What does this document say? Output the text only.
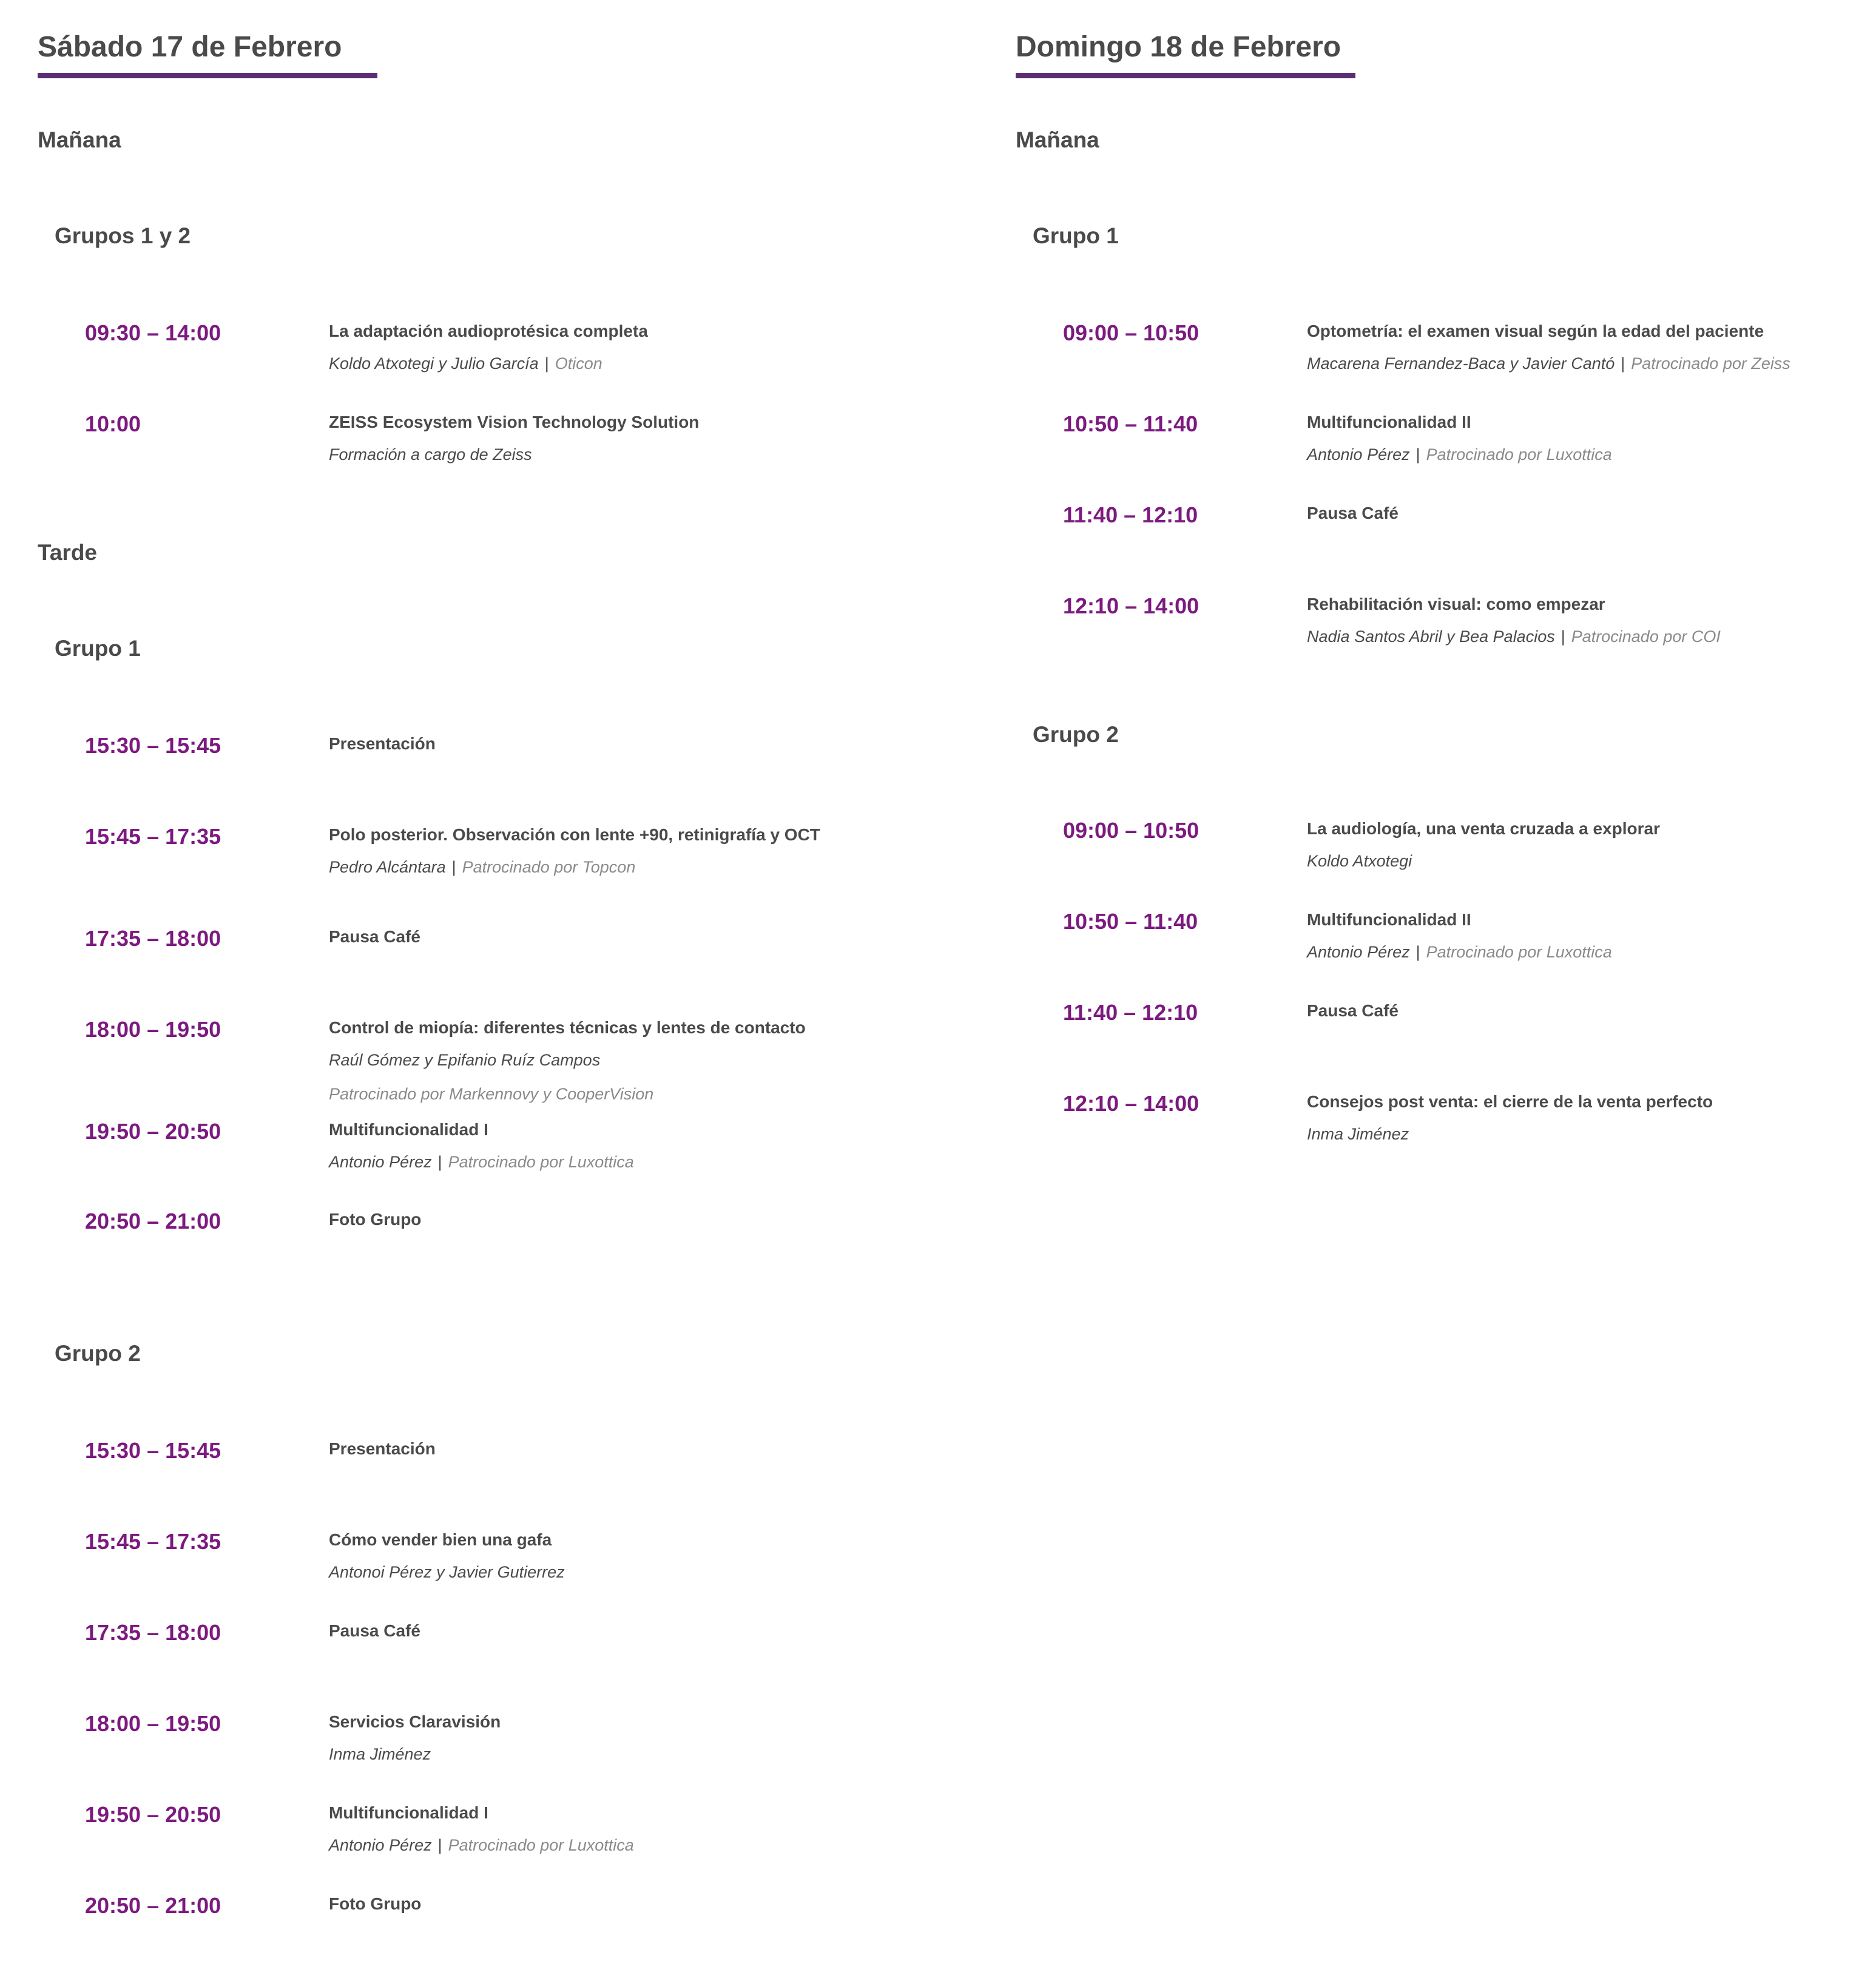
Sábado 17 de Febrero
Mañana
Grupos 1 y 2
09:30 – 14:00	La adaptación audioprotésica completa
Koldo Atxotegi y Julio García | Oticon
10:00	ZEISS Ecosystem Vision Technology Solution
Formación a cargo de Zeiss
Tarde
Grupo 1
15:30 – 15:45	Presentación
15:45 – 17:35	Polo posterior. Observación con lente +90, retinigrafía y OCT
Pedro Alcántara | Patrocinado por Topcon
17:35 – 18:00	Pausa Café
18:00 – 19:50	Control de miopía: diferentes técnicas y lentes de contacto
Raúl Gómez y Epifanio Ruíz Campos
Patrocinado por Markennovy y CooperVision
19:50 – 20:50	Multifuncionalidad I
Antonio Pérez | Patrocinado por Luxottica
20:50 – 21:00	Foto Grupo
Grupo 2
15:30 – 15:45	Presentación
15:45 – 17:35	Cómo vender bien una gafa
Antonoi Pérez y Javier Gutierrez
17:35 – 18:00	Pausa Café
18:00 – 19:50	Servicios Claravisión
Inma Jiménez
19:50 – 20:50	Multifuncionalidad I
Antonio Pérez | Patrocinado por Luxottica
20:50 – 21:00	Foto Grupo
Domingo 18 de Febrero
Mañana
Grupo 1
09:00 – 10:50	Optometría: el examen visual según la edad del paciente
Macarena Fernandez-Baca y Javier Cantó | Patrocinado por Zeiss
10:50 – 11:40	Multifuncionalidad II
Antonio Pérez | Patrocinado por Luxottica
11:40 – 12:10	Pausa Café
12:10 – 14:00	Rehabilitación visual: como empezar
Nadia Santos Abril y Bea Palacios | Patrocinado por COI
Grupo 2
09:00 – 10:50	La audiología, una venta cruzada a explorar
Koldo Atxotegi
10:50 – 11:40	Multifuncionalidad II
Antonio Pérez | Patrocinado por Luxottica
11:40 – 12:10	Pausa Café
12:10 – 14:00	Consejos post venta: el cierre de la venta perfecto
Inma Jiménez
